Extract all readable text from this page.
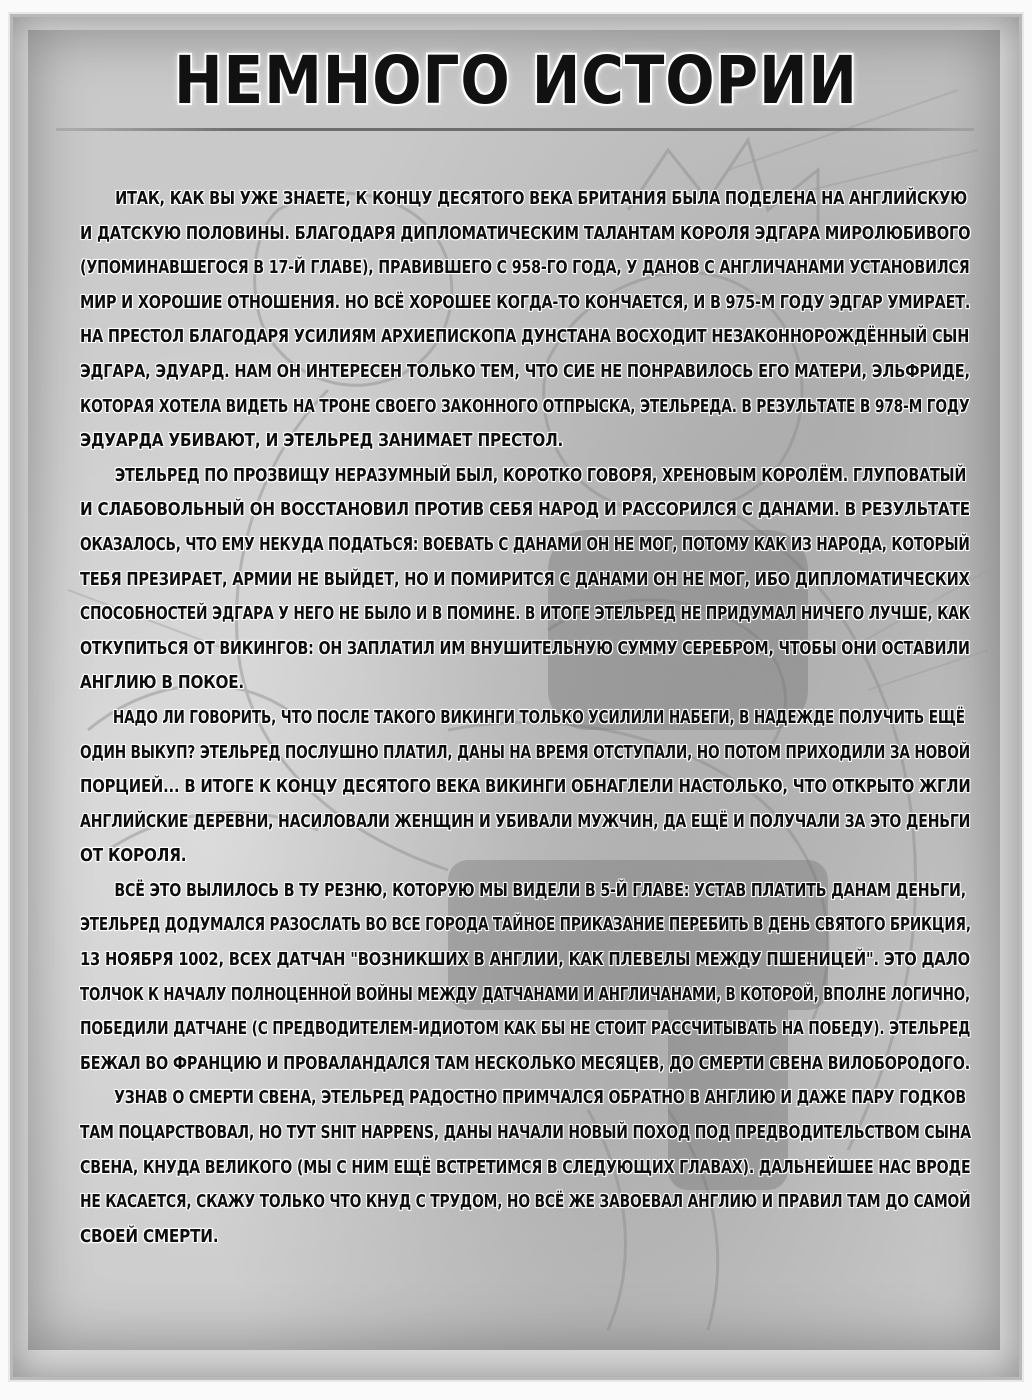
НЕМНОГО ИСТОРИИ
ИТАК, КАК ВЫ УЖЕ ЗНАЕТЕ, К КОНЦУ ДЕСЯТОГО ВЕКА БРИТАНИЯ БЫЛА ПОДЕЛЕНА НА АНГЛИЙСКУЮ
И ДАТСКУЮ ПОЛОВИНЫ. БЛАГОДАРЯ ДИПЛОМАТИЧЕСКИМ ТАЛАНТАМ КОРОЛЯ ЭДГАРА МИРОЛЮБИВОГО
(УПОМИНАВШЕГОСЯ В 17-Й ГЛАВЕ), ПРАВИВШЕГО С 958-ГО ГОДА, У ДАНОВ С АНГЛИЧАНАМИ УСТАНОВИЛСЯ
МИР И ХОРОШИЕ ОТНОШЕНИЯ. НО ВСЁ ХОРОШЕЕ КОГДА-ТО КОНЧАЕТСЯ, И В 975-М ГОДУ ЭДГАР УМИРАЕТ.
НА ПРЕСТОЛ БЛАГОДАРЯ УСИЛИЯМ АРХИЕПИСКОПА ДУНСТАНА ВОСХОДИТ НЕЗАКОННОРОЖДЁННЫЙ СЫН
ЭДГАРА, ЭДУАРД. НАМ ОН ИНТЕРЕСЕН ТОЛЬКО ТЕМ, ЧТО СИЕ НЕ ПОНРАВИЛОСЬ ЕГО МАТЕРИ, ЭЛЬФРИДЕ,
КОТОРАЯ ХОТЕЛА ВИДЕТЬ НА ТРОНЕ СВОЕГО ЗАКОННОГО ОТПРЫСКА, ЭТЕЛЬРЕДА. В РЕЗУЛЬТАТЕ В 978-М ГОДУ
ЭДУАРДА УБИВАЮТ, И ЭТЕЛЬРЕД ЗАНИМАЕТ ПРЕСТОЛ.
ЭТЕЛЬРЕД ПО ПРОЗВИЩУ НЕРАЗУМНЫЙ БЫЛ, КОРОТКО ГОВОРЯ, ХРЕНОВЫМ КОРОЛЁМ. ГЛУПОВАТЫЙ
И СЛАБОВОЛЬНЫЙ ОН ВОССТАНОВИЛ ПРОТИВ СЕБЯ НАРОД И РАССОРИЛСЯ С ДАНАМИ. В РЕЗУЛЬТАТЕ
ОКАЗАЛОСЬ, ЧТО ЕМУ НЕКУДА ПОДАТЬСЯ: ВОЕВАТЬ С ДАНАМИ ОН НЕ МОГ, ПОТОМУ КАК ИЗ НАРОДА, КОТОРЫЙ
ТЕБЯ ПРЕЗИРАЕТ, АРМИИ НЕ ВЫЙДЕТ, НО И ПОМИРИТСЯ С ДАНАМИ ОН НЕ МОГ, ИБО ДИПЛОМАТИЧЕСКИХ
СПОСОБНОСТЕЙ ЭДГАРА У НЕГО НЕ БЫЛО И В ПОМИНЕ. В ИТОГЕ ЭТЕЛЬРЕД НЕ ПРИДУМАЛ НИЧЕГО ЛУЧШЕ, КАК
ОТКУПИТЬСЯ ОТ ВИКИНГОВ: ОН ЗАПЛАТИЛ ИМ ВНУШИТЕЛЬНУЮ СУММУ СЕРЕБРОМ, ЧТОБЫ ОНИ ОСТАВИЛИ
АНГЛИЮ В ПОКОЕ.
НАДО ЛИ ГОВОРИТЬ, ЧТО ПОСЛЕ ТАКОГО ВИКИНГИ ТОЛЬКО УСИЛИЛИ НАБЕГИ, В НАДЕЖДЕ ПОЛУЧИТЬ ЕЩЁ
ОДИН ВЫКУП? ЭТЕЛЬРЕД ПОСЛУШНО ПЛАТИЛ, ДАНЫ НА ВРЕМЯ ОТСТУПАЛИ, НО ПОТОМ ПРИХОДИЛИ ЗА НОВОЙ
ПОРЦИЕЙ... В ИТОГЕ К КОНЦУ ДЕСЯТОГО ВЕКА ВИКИНГИ ОБНАГЛЕЛИ НАСТОЛЬКО, ЧТО ОТКРЫТО ЖГЛИ
АНГЛИЙСКИЕ ДЕРЕВНИ, НАСИЛОВАЛИ ЖЕНЩИН И УБИВАЛИ МУЖЧИН, ДА ЕЩЁ И ПОЛУЧАЛИ ЗА ЭТО ДЕНЬГИ
ОТ КОРОЛЯ.
ВСЁ ЭТО ВЫЛИЛОСЬ В ТУ РЕЗНЮ, КОТОРУЮ МЫ ВИДЕЛИ В 5-Й ГЛАВЕ: УСТАВ ПЛАТИТЬ ДАНАМ ДЕНЬГИ,
ЭТЕЛЬРЕД ДОДУМАЛСЯ РАЗОСЛАТЬ ВО ВСЕ ГОРОДА ТАЙНОЕ ПРИКАЗАНИЕ ПЕРЕБИТЬ В ДЕНЬ СВЯТОГО БРИКЦИЯ,
13 НОЯБРЯ 1002, ВСЕХ ДАТЧАН "ВОЗНИКШИХ В АНГЛИИ, КАК ПЛЕВЕЛЫ МЕЖДУ ПШЕНИЦЕЙ". ЭТО ДАЛО
ТОЛЧОК К НАЧАЛУ ПОЛНОЦЕННОЙ ВОЙНЫ МЕЖДУ ДАТЧАНАМИ И АНГЛИЧАНАМИ, В КОТОРОЙ, ВПОЛНЕ ЛОГИЧНО,
ПОБЕДИЛИ ДАТЧАНЕ (С ПРЕДВОДИТЕЛЕМ-ИДИОТОМ КАК БЫ НЕ СТОИТ РАССЧИТЫВАТЬ НА ПОБЕДУ). ЭТЕЛЬРЕД
БЕЖАЛ ВО ФРАНЦИЮ И ПРОВАЛАНДАЛСЯ ТАМ НЕСКОЛЬКО МЕСЯЦЕВ, ДО СМЕРТИ СВЕНА ВИЛОБОРОДОГО.
УЗНАВ О СМЕРТИ СВЕНА, ЭТЕЛЬРЕД РАДОСТНО ПРИМЧАЛСЯ ОБРАТНО В АНГЛИЮ И ДАЖЕ ПАРУ ГОДКОВ
ТАМ ПОЦАРСТВОВАЛ, НО ТУТ SHIT HAPPENS, ДАНЫ НАЧАЛИ НОВЫЙ ПОХОД ПОД ПРЕДВОДИТЕЛЬСТВОМ СЫНА
СВЕНА, КНУДА ВЕЛИКОГО (МЫ С НИМ ЕЩЁ ВСТРЕТИМСЯ В СЛЕДУЮЩИХ ГЛАВАХ). ДАЛЬНЕЙШЕЕ НАС ВРОДЕ
НЕ КАСАЕТСЯ, СКАЖУ ТОЛЬКО ЧТО КНУД С ТРУДОМ, НО ВСЁ ЖЕ ЗАВОЕВАЛ АНГЛИЮ И ПРАВИЛ ТАМ ДО САМОЙ
СВОЕЙ СМЕРТИ.
